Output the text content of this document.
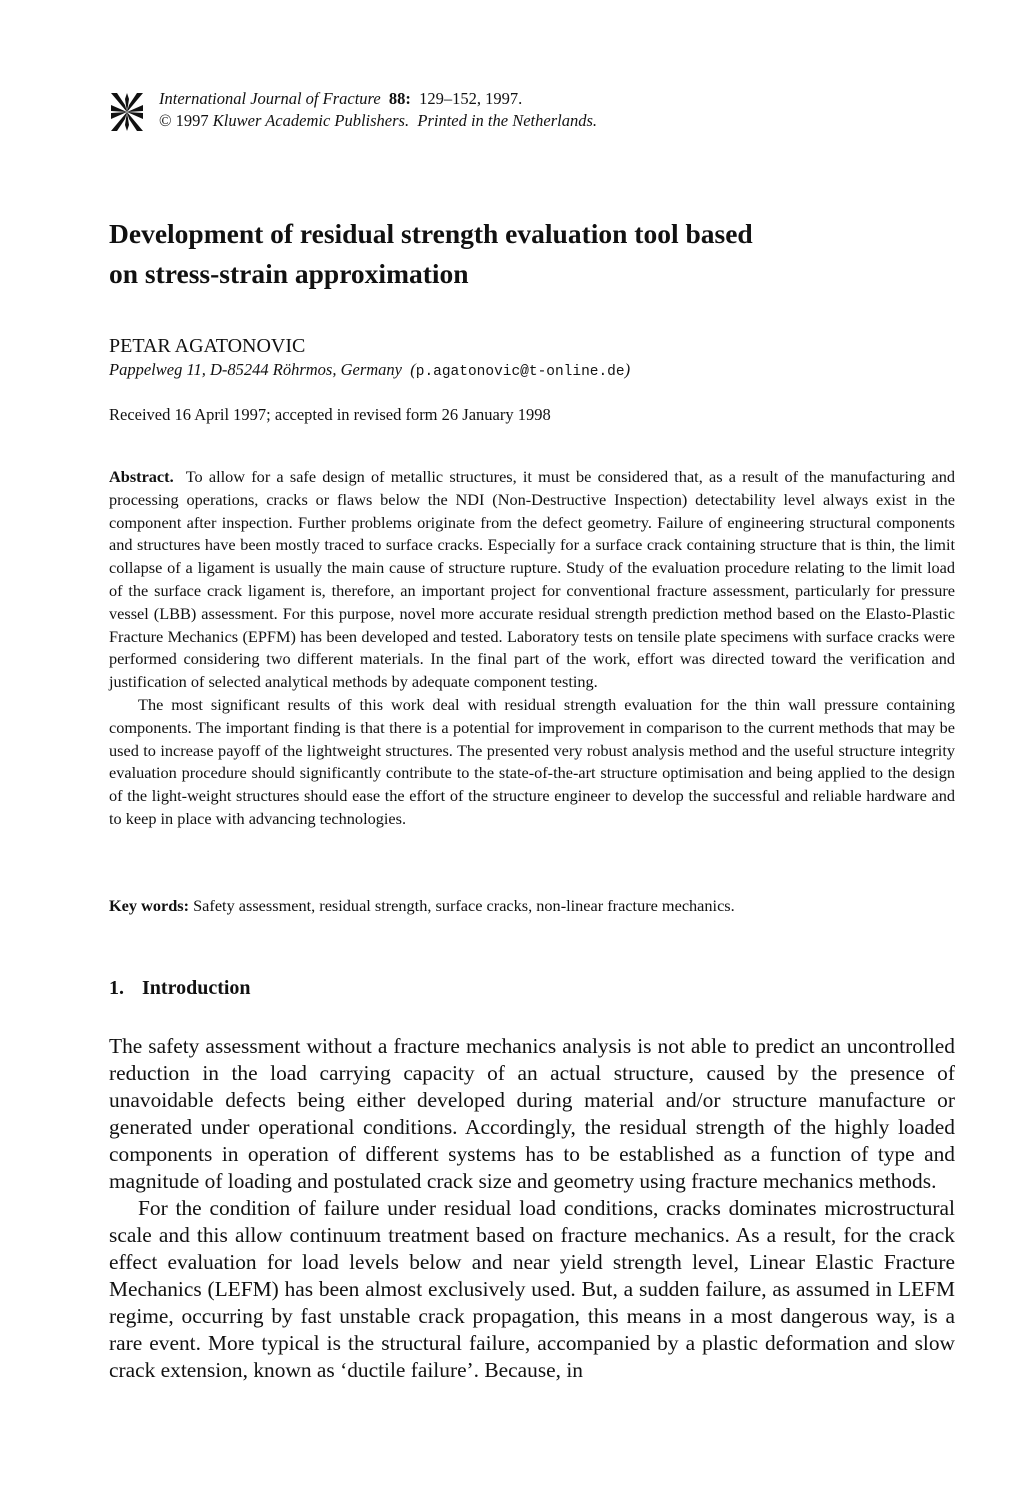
International Journal of Fracture 88: 129–152, 1997.
© 1997 Kluwer Academic Publishers. Printed in the Netherlands.
Development of residual strength evaluation tool based
on stress-strain approximation
PETAR AGATONOVIC
Pappelweg 11, D-85244 Röhrmos, Germany  (p.agatonovic@t-online.de)
Received 16 April 1997; accepted in revised form 26 January 1998

Abstract. To allow for a safe design of metallic structures, it must be considered that, as a result of the manufacturing and processing operations, cracks or flaws below the NDI (Non-Destructive Inspection) detectability level always exist in the component after inspection. Further problems originate from the defect geometry. Failure of engineering structural components and structures have been mostly traced to surface cracks. Especially for a surface crack containing structure that is thin, the limit collapse of a ligament is usually the main cause of structure rupture. Study of the evaluation procedure relating to the limit load of the surface crack ligament is, therefore, an important project for conventional fracture assessment, particularly for pressure vessel (LBB) assessment. For this purpose, novel more accurate residual strength prediction method based on the Elasto-Plastic Fracture Mechanics (EPFM) has been developed and tested. Laboratory tests on tensile plate specimens with surface cracks were performed considering two different materials. In the final part of the work, effort was directed toward the verification and justification of selected analytical methods by adequate component testing.

The most significant results of this work deal with residual strength evaluation for the thin wall pressure containing components. The important finding is that there is a potential for improvement in comparison to the current methods that may be used to increase payoff of the lightweight structures. The presented very robust analysis method and the useful structure integrity evaluation procedure should significantly contribute to the state-of-the-art structure optimisation and being applied to the design of the light-weight structures should ease the effort of the structure engineer to develop the successful and reliable hardware and to keep in place with advancing technologies.

Key words: Safety assessment, residual strength, surface cracks, non-linear fracture mechanics.
1. Introduction

The safety assessment without a fracture mechanics analysis is not able to predict an uncontrolled reduction in the load carrying capacity of an actual structure, caused by the presence of unavoidable defects being either developed during material and/or structure manufacture or generated under operational conditions. Accordingly, the residual strength of the highly loaded components in operation of different systems has to be established as a function of type and magnitude of loading and postulated crack size and geometry using fracture mechanics methods.

For the condition of failure under residual load conditions, cracks dominates microstructural scale and this allow continuum treatment based on fracture mechanics. As a result, for the crack effect evaluation for load levels below and near yield strength level, Linear Elastic Fracture Mechanics (LEFM) has been almost exclusively used. But, a sudden failure, as assumed in LEFM regime, occurring by fast unstable crack propagation, this means in a most dangerous way, is a rare event. More typical is the structural failure, accompanied by a plastic deformation and slow crack extension, known as ‘ductile failure’. Because, in
